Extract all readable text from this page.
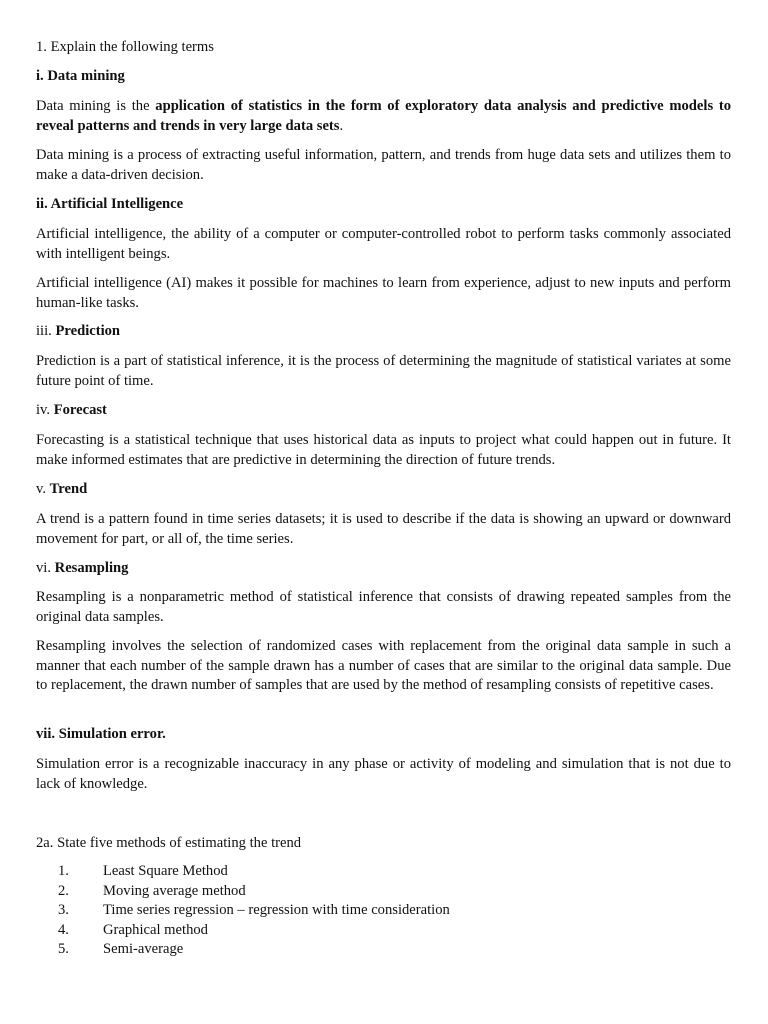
1. Explain the following terms
i. Data mining
Data mining is the application of statistics in the form of exploratory data analysis and predictive models to reveal patterns and trends in very large data sets.
Data mining is a process of extracting useful information, pattern, and trends from huge data sets and utilizes them to make a data-driven decision.
ii. Artificial Intelligence
Artificial intelligence, the ability of a computer or computer-controlled robot to perform tasks commonly associated with intelligent beings.
Artificial intelligence (AI) makes it possible for machines to learn from experience, adjust to new inputs and perform human-like tasks.
iii. Prediction
Prediction is a part of statistical inference, it is the process of determining the magnitude of statistical variates at some future point of time.
iv. Forecast
Forecasting is a statistical technique that uses historical data as inputs to project what could happen out in future. It make informed estimates that are predictive in determining the direction of future trends.
v. Trend
A trend is a pattern found in time series datasets; it is used to describe if the data is showing an upward or downward movement for part, or all of, the time series.
vi. Resampling
Resampling is a nonparametric method of statistical inference that consists of drawing repeated samples from the original data samples.
Resampling involves the selection of randomized cases with replacement from the original data sample in such a manner that each number of the sample drawn has a number of cases that are similar to the original data sample. Due to replacement, the drawn number of samples that are used by the method of resampling consists of repetitive cases.
vii. Simulation error.
Simulation error is a recognizable inaccuracy in any phase or activity of modeling and simulation that is not due to lack of knowledge.
2a. State five methods of estimating the trend
1. Least Square Method
2. Moving average method
3. Time series regression – regression with time consideration
4. Graphical method
5. Semi-average
